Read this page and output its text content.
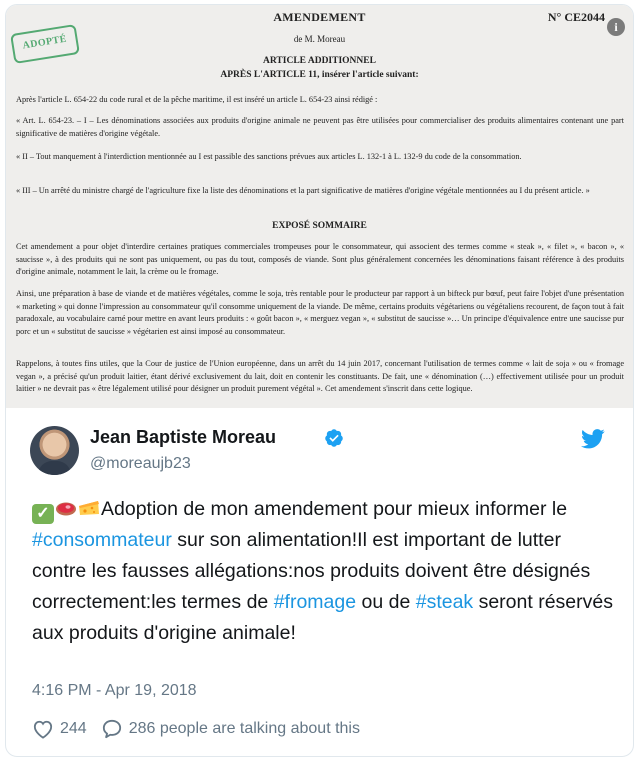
AMENDEMENT	N° CE2044
i
ADOPTÉ	de M. Moreau
ARTICLE ADDITIONNEL
APRÈS L'ARTICLE 11, insérer l'article suivant:

Après l'article L. 654-22 du code rural et de la pêche maritime, il est inséré un article L. 654-23 ainsi rédigé :

« Art. L. 654-23. – I – Les dénominations associées aux produits d'origine animale ne peuvent pas être utilisées pour commercialiser des produits alimentaires contenant une part significative de matières d'origine végétale.

« II – Tout manquement à l'interdiction mentionnée au I est passible des sanctions prévues aux articles L. 132-1 à L. 132-9 du code de la consommation.

« III – Un arrêté du ministre chargé de l'agriculture fixe la liste des dénominations et la part significative de matières d'origine végétale mentionnées au I du présent article. »

EXPOSÉ SOMMAIRE

Cet amendement a pour objet d'interdire certaines pratiques commerciales trompeuses pour le consommateur, qui associent des termes comme « steak », « filet », « bacon », « saucisse », à des produits qui ne sont pas uniquement, ou pas du tout, composés de viande. Sont plus généralement concernées les dénominations faisant référence à des produits d'origine animale, notamment le lait, la crème ou le fromage.

Ainsi, une préparation à base de viande et de matières végétales, comme le soja, très rentable pour le producteur par rapport à un bifteck pur bœuf, peut faire l'objet d'une présentation « marketing » qui donne l'impression au consommateur qu'il consomme uniquement de la viande. De même, certains produits végétariens ou végétaliens recourent, de façon tout à fait paradoxale, au vocabulaire carné pour mettre en avant leurs produits : « goût bacon », « merguez vegan », « substitut de saucisse »… Un principe d'équivalence entre une saucisse pur porc et un « substitut de saucisse » végétarien est ainsi imposé au consommateur.

Rappelons, à toutes fins utiles, que la Cour de justice de l'Union européenne, dans un arrêt du 14 juin 2017, concernant l'utilisation de termes comme « lait de soja » ou « fromage vegan », a précisé qu'un produit laitier, étant dérivé exclusivement du lait, doit en contenir les constituants. De fait, une « dénomination (…) effectivement utilisée pour un produit laitier » ne devrait pas « être légalement utilisé pour désigner un produit purement végétal ». Cet amendement s'inscrit dans cette logique.

Jean Baptiste Moreau
@moreaujb23

✓	Adoption de mon amendement pour mieux informer le #consommateur sur son alimentation!Il est important de lutter contre les fausses allégations:nos produits doivent être désignés correctement:les termes de #fromage ou de #steak seront réservés aux produits d'origine animale!

4:16 PM - Apr 19, 2018
244	286 people are talking about this
